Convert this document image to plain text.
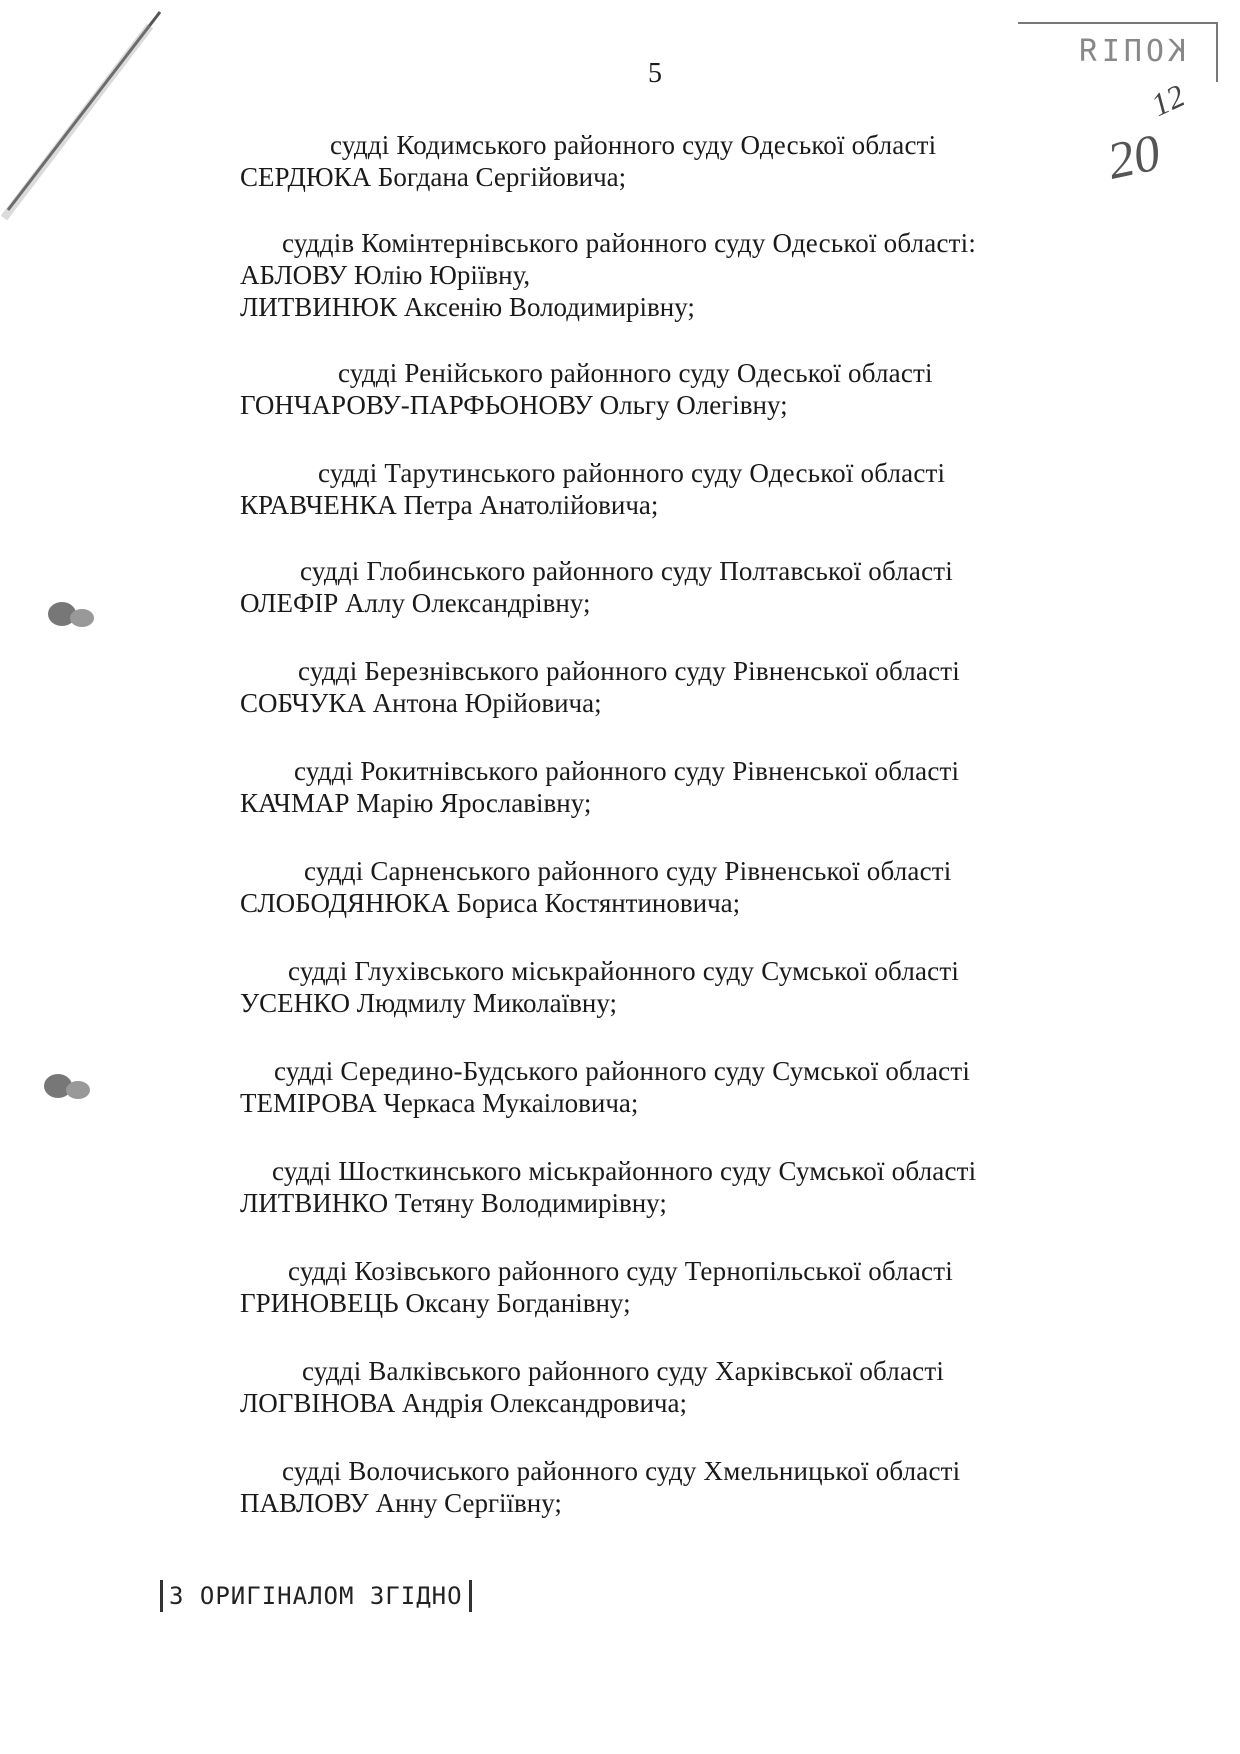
5
КОПІЯ
12
20
судді Кодимського районного суду Одеської області
СЕРДЮКА Богдана Сергійовича;
суддів Комінтернівського районного суду Одеської області:
АБЛОВУ Юлію Юріївну,
ЛИТВИНЮК Аксенію Володимирівну;
судді Ренійського районного суду Одеської області
ГОНЧАРОВУ-ПАРФЬОНОВУ Ольгу Олегівну;
судді Тарутинського районного суду Одеської області
КРАВЧЕНКА Петра Анатолійовича;
судді Глобинського районного суду Полтавської області
ОЛЕФІР Аллу Олександрівну;
судді Березнівського районного суду Рівненської області
СОБЧУКА Антона Юрійовича;
судді Рокитнівського районного суду Рівненської області
КАЧМАР Марію Ярославівну;
судді Сарненського районного суду Рівненської області
СЛОБОДЯНЮКА Бориса Костянтиновича;
судді Глухівського міськрайонного суду Сумської області
УСЕНКО Людмилу Миколаївну;
судді Середино-Будського районного суду Сумської області
ТЕМІРОВА Черкаса Мукаіловича;
судді Шосткинського міськрайонного суду Сумської області
ЛИТВИНКО Тетяну Володимирівну;
судді Козівського районного суду Тернопільської області
ГРИНОВЕЦЬ Оксану Богданівну;
судді Валківського районного суду Харківської області
ЛОГВІНОВА Андрія Олександровича;
судді Волочиського районного суду Хмельницької області
ПАВЛОВУ Анну Сергіївну;
З ОРИГІНАЛОМ ЗГІДНО
